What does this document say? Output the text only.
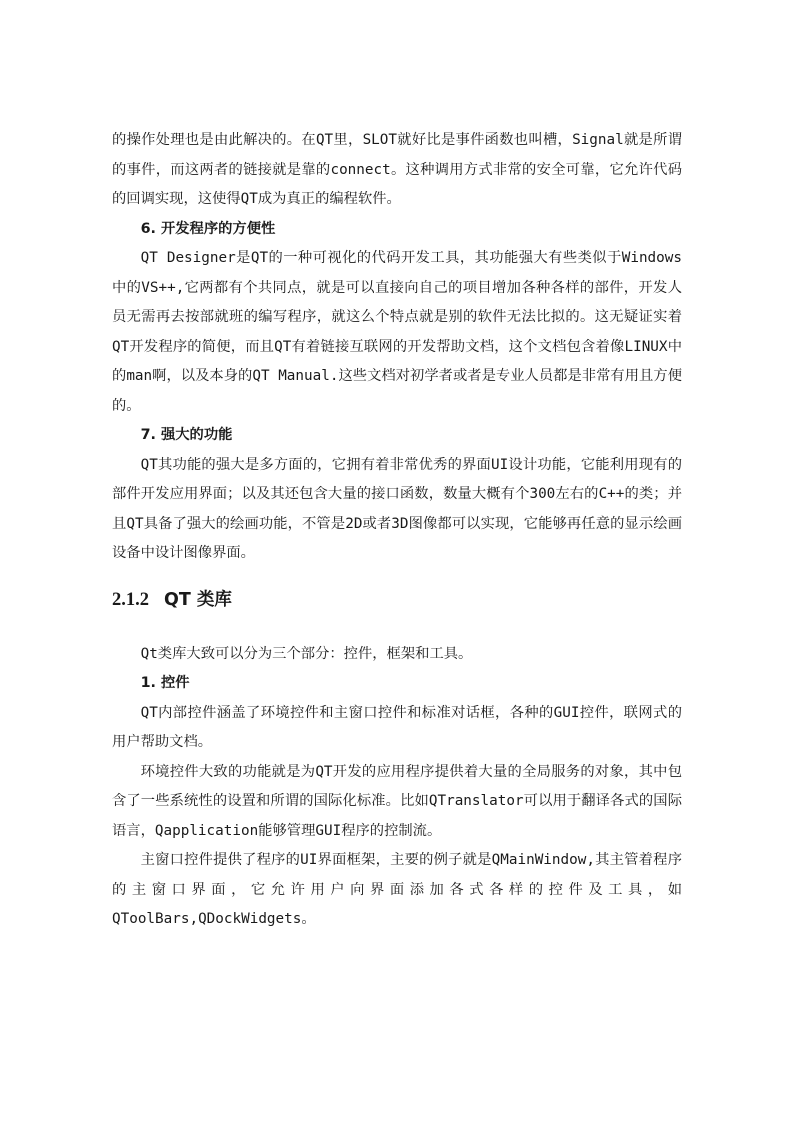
的操作处理也是由此解决的。在QT里，SLOT就好比是事件函数也叫槽，Signal就是所谓的事件，而这两者的链接就是靠的connect。这种调用方式非常的安全可靠，它允许代码的回调实现，这使得QT成为真正的编程软件。

6. 开发程序的方便性

QT Designer是QT的一种可视化的代码开发工具，其功能强大有些类似于Windows中的VS++,它两都有个共同点，就是可以直接向自己的项目增加各种各样的部件，开发人员无需再去按部就班的编写程序，就这么个特点就是别的软件无法比拟的。这无疑证实着QT开发程序的简便，而且QT有着链接互联网的开发帮助文档，这个文档包含着像LINUX中的man啊，以及本身的QT Manual.这些文档对初学者或者是专业人员都是非常有用且方便的。

7. 强大的功能

QT其功能的强大是多方面的，它拥有着非常优秀的界面UI设计功能，它能利用现有的部件开发应用界面；以及其还包含大量的接口函数，数量大概有个300左右的C++的类；并且QT具备了强大的绘画功能，不管是2D或者3D图像都可以实现，它能够再任意的显示绘画设备中设计图像界面。

2.1.2 QT 类库

Qt类库大致可以分为三个部分：控件，框架和工具。

1. 控件

QT内部控件涵盖了环境控件和主窗口控件和标准对话框，各种的GUI控件，联网式的用户帮助文档。

环境控件大致的功能就是为QT开发的应用程序提供着大量的全局服务的对象，其中包含了一些系统性的设置和所谓的国际化标准。比如QTranslator可以用于翻译各式的国际语言，Qapplication能够管理GUI程序的控制流。

主窗口控件提供了程序的UI界面框架，主要的例子就是QMainWindow,其主管着程序的主窗口界面，它允许用户向界面添加各式各样的控件及工具，如QToolBars,QDockWidgets。
